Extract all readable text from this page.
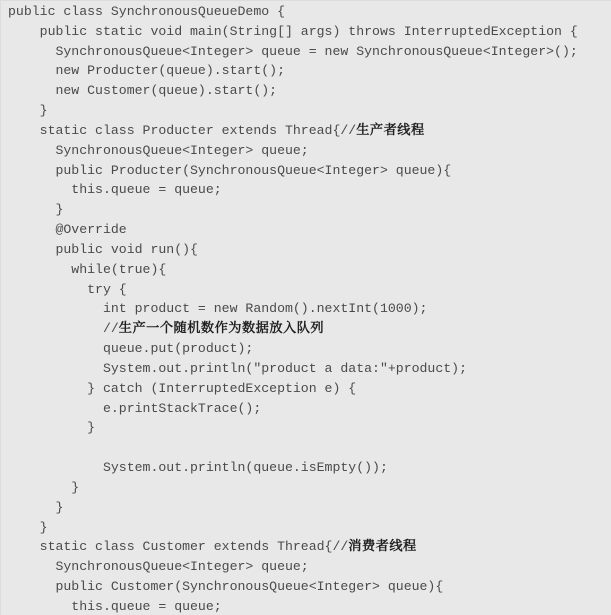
public class SynchronousQueueDemo {
public static void main(String[] args) throws InterruptedException {
SynchronousQueue<Integer> queue = new SynchronousQueue<Integer>();
new Producter(queue).start();
new Customer(queue).start();
}
static class Producter extends Thread{//生产者线程
SynchronousQueue<Integer> queue;
public Producter(SynchronousQueue<Integer> queue){
this.queue = queue;
}
@Override
public void run(){
while(true){
try {
int product = new Random().nextInt(1000);
//生产一个随机数作为数据放入队列
queue.put(product);
System.out.println("product a data:"+product);
} catch (InterruptedException e) {
e.printStackTrace();
}

System.out.println(queue.isEmpty());
}
}
}
static class Customer extends Thread{//消费者线程
SynchronousQueue<Integer> queue;
public Customer(SynchronousQueue<Integer> queue){
this.queue = queue;
